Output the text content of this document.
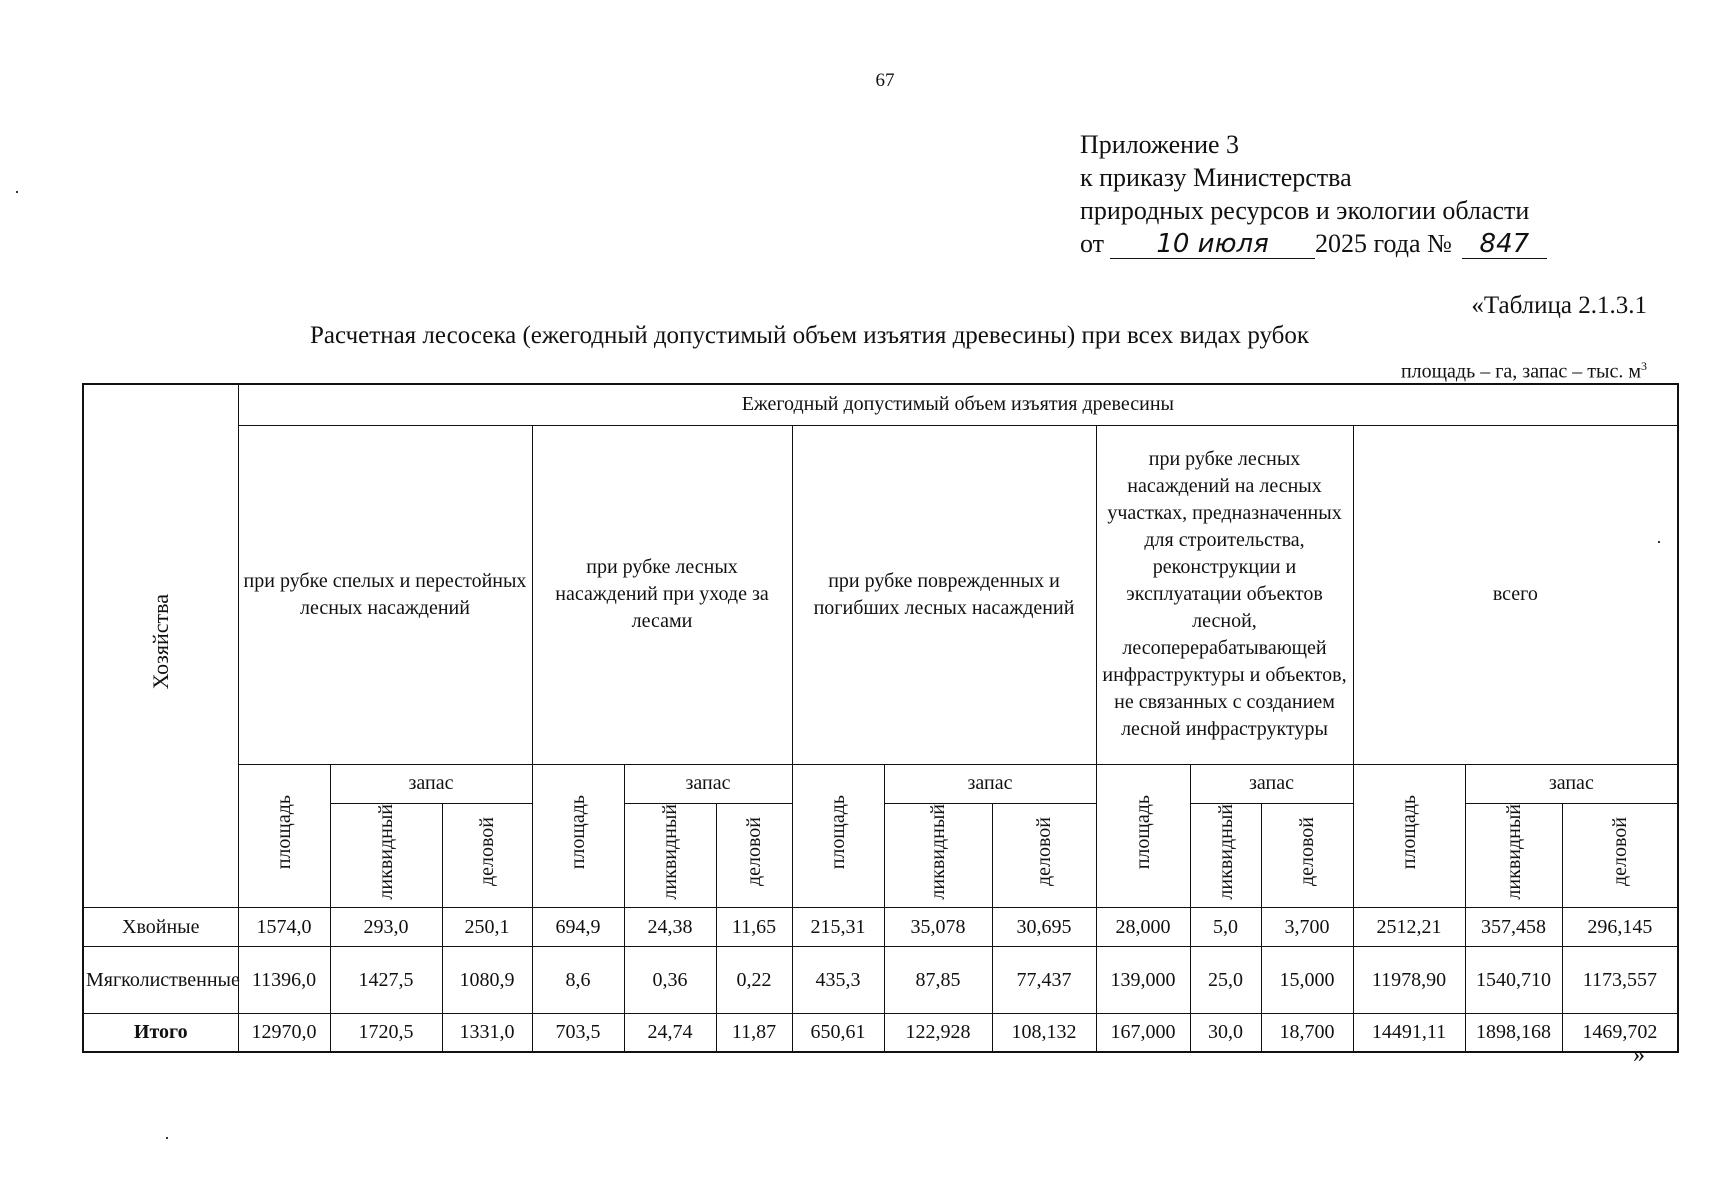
67
Приложение 3
к приказу Министерства
природных ресурсов и экологии области
от 10 июля 2025 года № 847
«Таблица 2.1.3.1
Расчетная лесосека (ежегодный допустимый объем изъятия древесины) при всех видах рубок
площадь – га, запас – тыс. $м^3$
Хозяйства	Ежегодный допустимый объем изъятия древесины														
	при рубке спелых и перестойных лесных насаждений			при рубке лесных насаждений при уходе за лесами			при рубке поврежденных и погибших лесных насаждений			при рубке лесных насаждений на лесных участках, предназначенных для строительства, реконструкции и эксплуатации объектов лесной, лесоперерабатывающей инфраструктуры и объектов, не связанных с созданием лесной инфраструктуры			всего		
	площадь	запас		площадь	запас		площадь	запас		площадь	запас		площадь	запас	
		ликвидный	деловой		ликвидный	деловой		ликвидный	деловой		ликвидный	деловой		ликвидный	деловой
Хвойные	1574,0	293,0	250,1	694,9	24,38	11,65	215,31	35,078	30,695	28,000	5,0	3,700	2512,21	357,458	296,145
Мягколиственные	11396,0	1427,5	1080,9	8,6	0,36	0,22	435,3	87,85	77,437	139,000	25,0	15,000	11978,90	1540,710	1173,557
Итого	12970,0	1720,5	1331,0	703,5	24,74	11,87	650,61	122,928	108,132	167,000	30,0	18,700	14491,11	1898,168	1469,702
»
·
·
·
